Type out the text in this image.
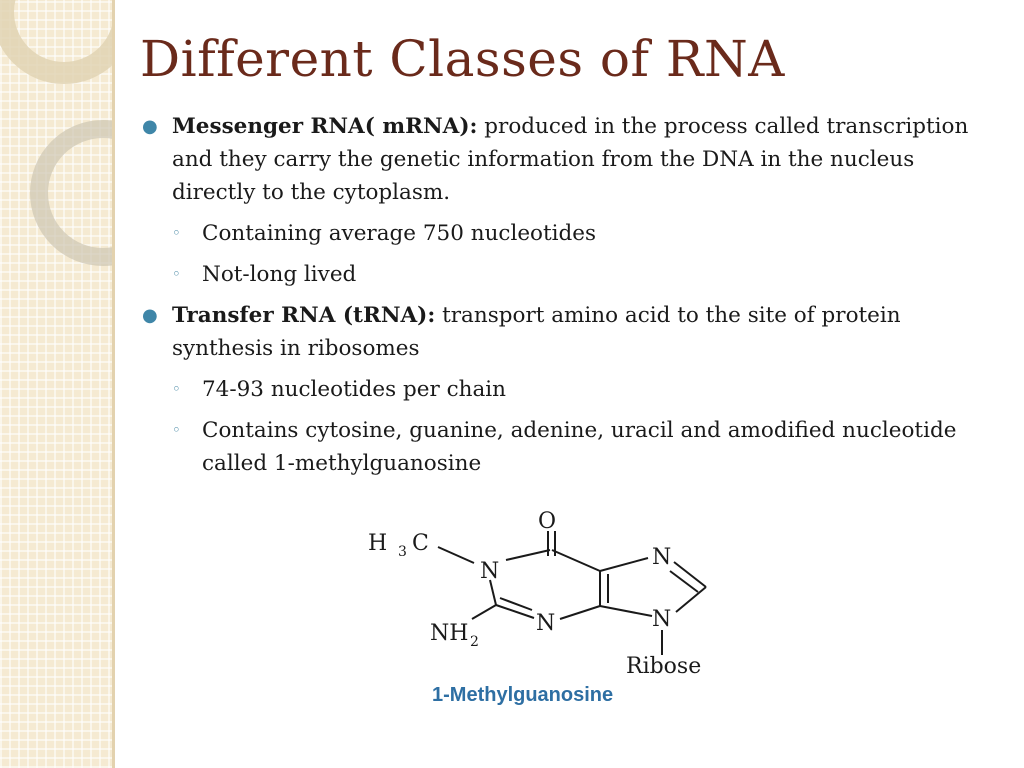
Different Classes of RNA
● Messenger RNA( mRNA): produced in the process called transcription and they carry the genetic information from the DNA in the nucleus directly to the cytoplasm.
◦ Containing average 750 nucleotides
◦ Not-long lived
● Transfer RNA (tRNA): transport amino acid to the site of protein synthesis in ribosomes
◦ 74-93 nucleotides per chain
◦ Contains cytosine, guanine, adenine, uracil and amodified nucleotide called 1-methylguanosine
O
H 3 C
N
N
N
N
NH 2
Ribose
1-Methylguanosine
